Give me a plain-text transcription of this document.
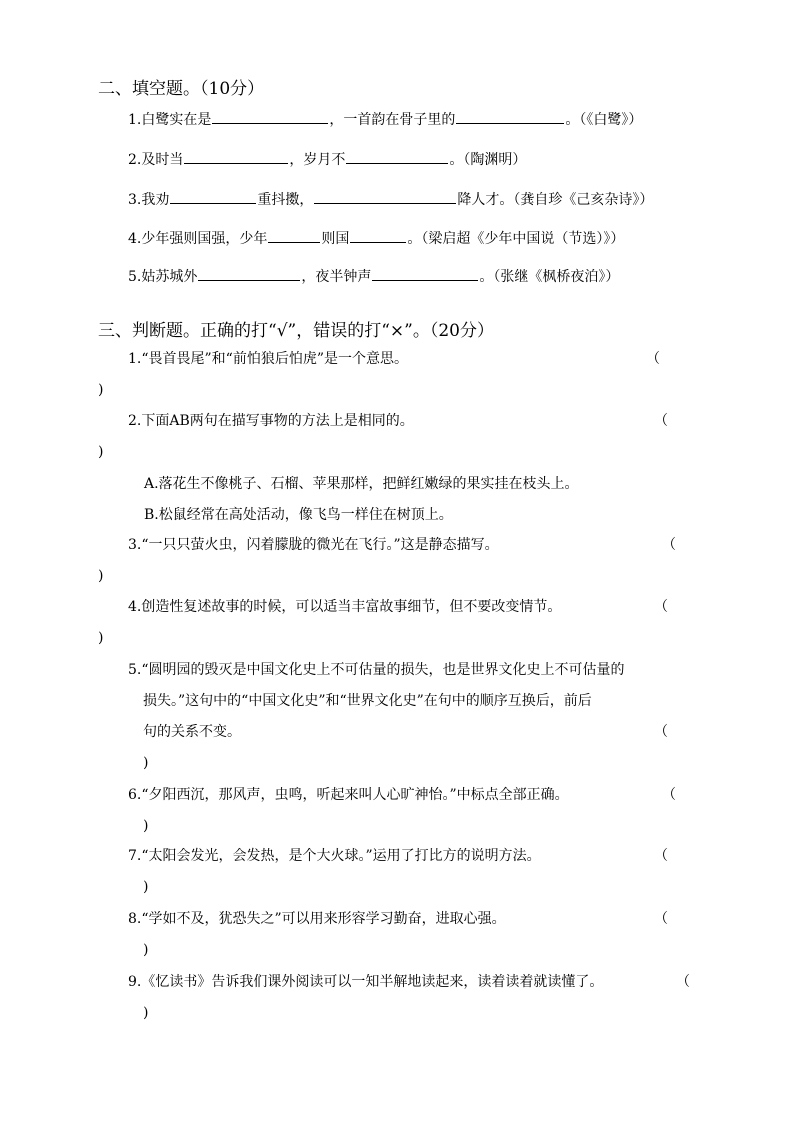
二、填空题。（10分）
1.白鹭实在是	，一首韵在骨子里的	。（《白鹭》）
2.及时当	，岁月不	。（陶渊明）
3.我劝	重抖擞，	降人才。（龚自珍《己亥杂诗》）
4.少年强则国强，少年	则国	。（梁启超《少年中国说（节选）》）
5.姑苏城外	，夜半钟声	。（张继《枫桥夜泊》）
三、判断题。正确的打“√”，错误的打“×”。（20分）
1.“畏首畏尾”和“前怕狼后怕虎”是一个意思。	（
)
2.下面AB两句在描写事物的方法上是相同的。	（
)
A.落花生不像桃子、石榴、苹果那样，把鲜红嫩绿的果实挂在枝头上。
B.松鼠经常在高处活动，像飞鸟一样住在树顶上。
3.“一只只萤火虫，闪着朦胧的微光在飞行。”这是静态描写。	（
)
4.创造性复述故事的时候，可以适当丰富故事细节，但不要改变情节。	（
)
5.“圆明园的毁灭是中国文化史上不可估量的损失，也是世界文化史上不可估量的
损失。”这句中的“中国文化史”和“世界文化史”在句中的顺序互换后，前后
句的关系不变。	（
)
6.“夕阳西沉，那风声，虫鸣，听起来叫人心旷神怡。”中标点全部正确。	（
)
7.“太阳会发光，会发热，是个大火球。”运用了打比方的说明方法。	（
)
8.“学如不及，犹恐失之”可以用来形容学习勤奋，进取心强。	（
)
9.《忆读书》告诉我们课外阅读可以一知半解地读起来，读着读着就读懂了。	（
)
